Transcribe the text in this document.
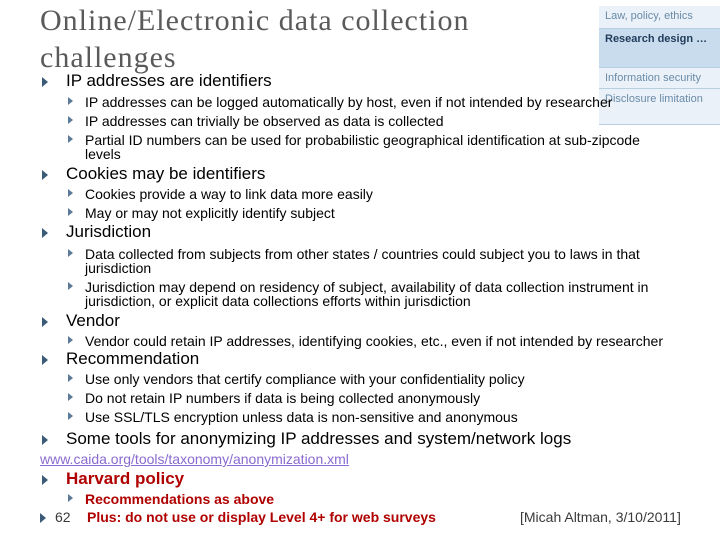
Online/Electronic data collection
challenges
Law, policy, ethics
Research design …
Information security
Disclosure limitation
IP addresses are identifiers
IP addresses can be logged automatically by host, even if not intended by researcher
IP addresses can trivially be observed as data is collected
Partial ID numbers can be used for probabilistic geographical identification at sub-zipcode
levels
Cookies may be identifiers
Cookies provide a way to link data more easily
May or may not explicitly identify subject
Jurisdiction
Data collected from subjects from other states / countries could subject you to laws in that
jurisdiction
Jurisdiction may depend on residency of subject, availability of data collection instrument in
jurisdiction, or explicit data collections efforts within jurisdiction
Vendor
Vendor could retain IP addresses, identifying cookies, etc., even if not intended by researcher
Recommendation
Use only vendors that certify compliance with your confidentiality policy
Do not retain IP numbers if data is being collected anonymously
Use SSL/TLS encryption unless data is non-sensitive and anonymous
Some tools for anonymizing IP addresses and system/network logs
www.caida.org/tools/taxonomy/anonymization.xml
Harvard policy
Recommendations as above
62 Plus: do not use or display Level 4+ for web surveys	[Micah Altman, 3/10/2011]
